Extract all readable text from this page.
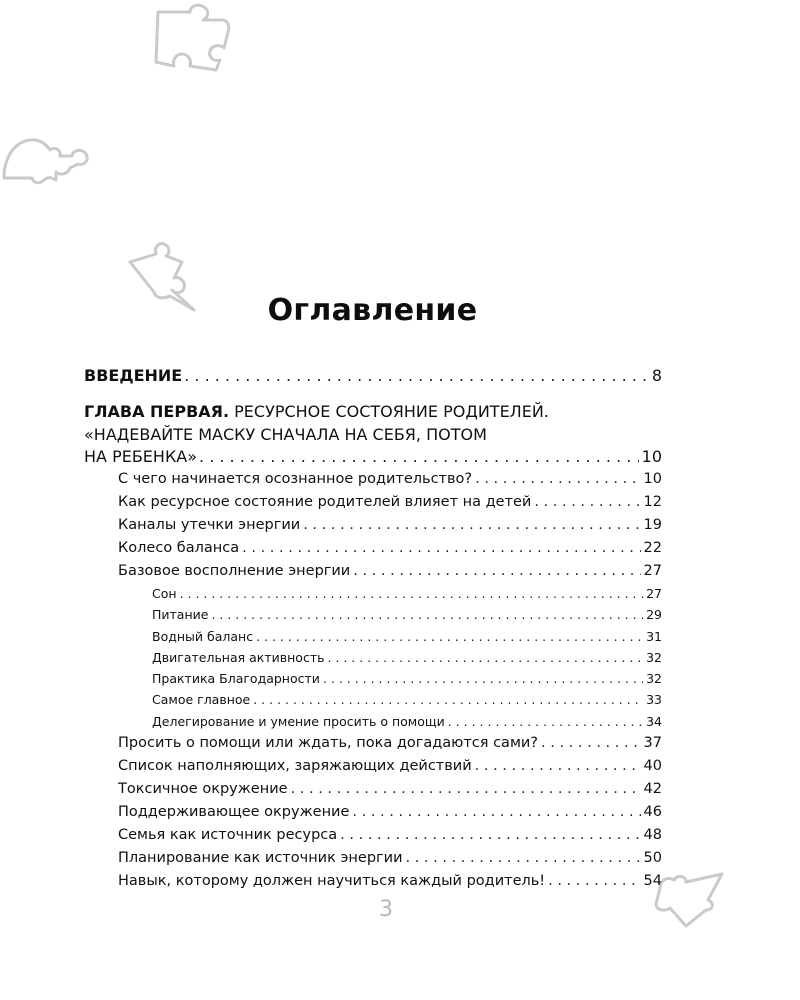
Оглавление
ВВЕДЕНИЕ . . .	8
ГЛАВА ПЕРВАЯ. РЕСУРСНОЕ СОСТОЯНИЕ РОДИТЕЛЕЙ.
«НАДЕВАЙТЕ МАСКУ СНАЧАЛА НА СЕБЯ, ПОТОМ
НА РЕБЕНКА» . . .	10
С чего начинается осознанное родительство? . . .	10
Как ресурсное состояние родителей влияет на детей . . .	12
Каналы утечки энергии . . .	19
Колесо баланса . . .	22
Базовое восполнение энергии . . .	27
Сон . . .	27
Питание . . .	29
Водный баланс . . .	31
Двигательная активность . . .	32
Практика Благодарности . . .	32
Самое главное . . .	33
Делегирование и умение просить о помощи . . .	34
Просить о помощи или ждать, пока догадаются сами? . . .	37
Список наполняющих, заряжающих действий . . .	40
Токсичное окружение . . .	42
Поддерживающее окружение . . .	46
Семья как источник ресурса . . .	48
Планирование как источник энергии . . .	50
Навык, которому должен научиться каждый родитель! . . .	54
3
